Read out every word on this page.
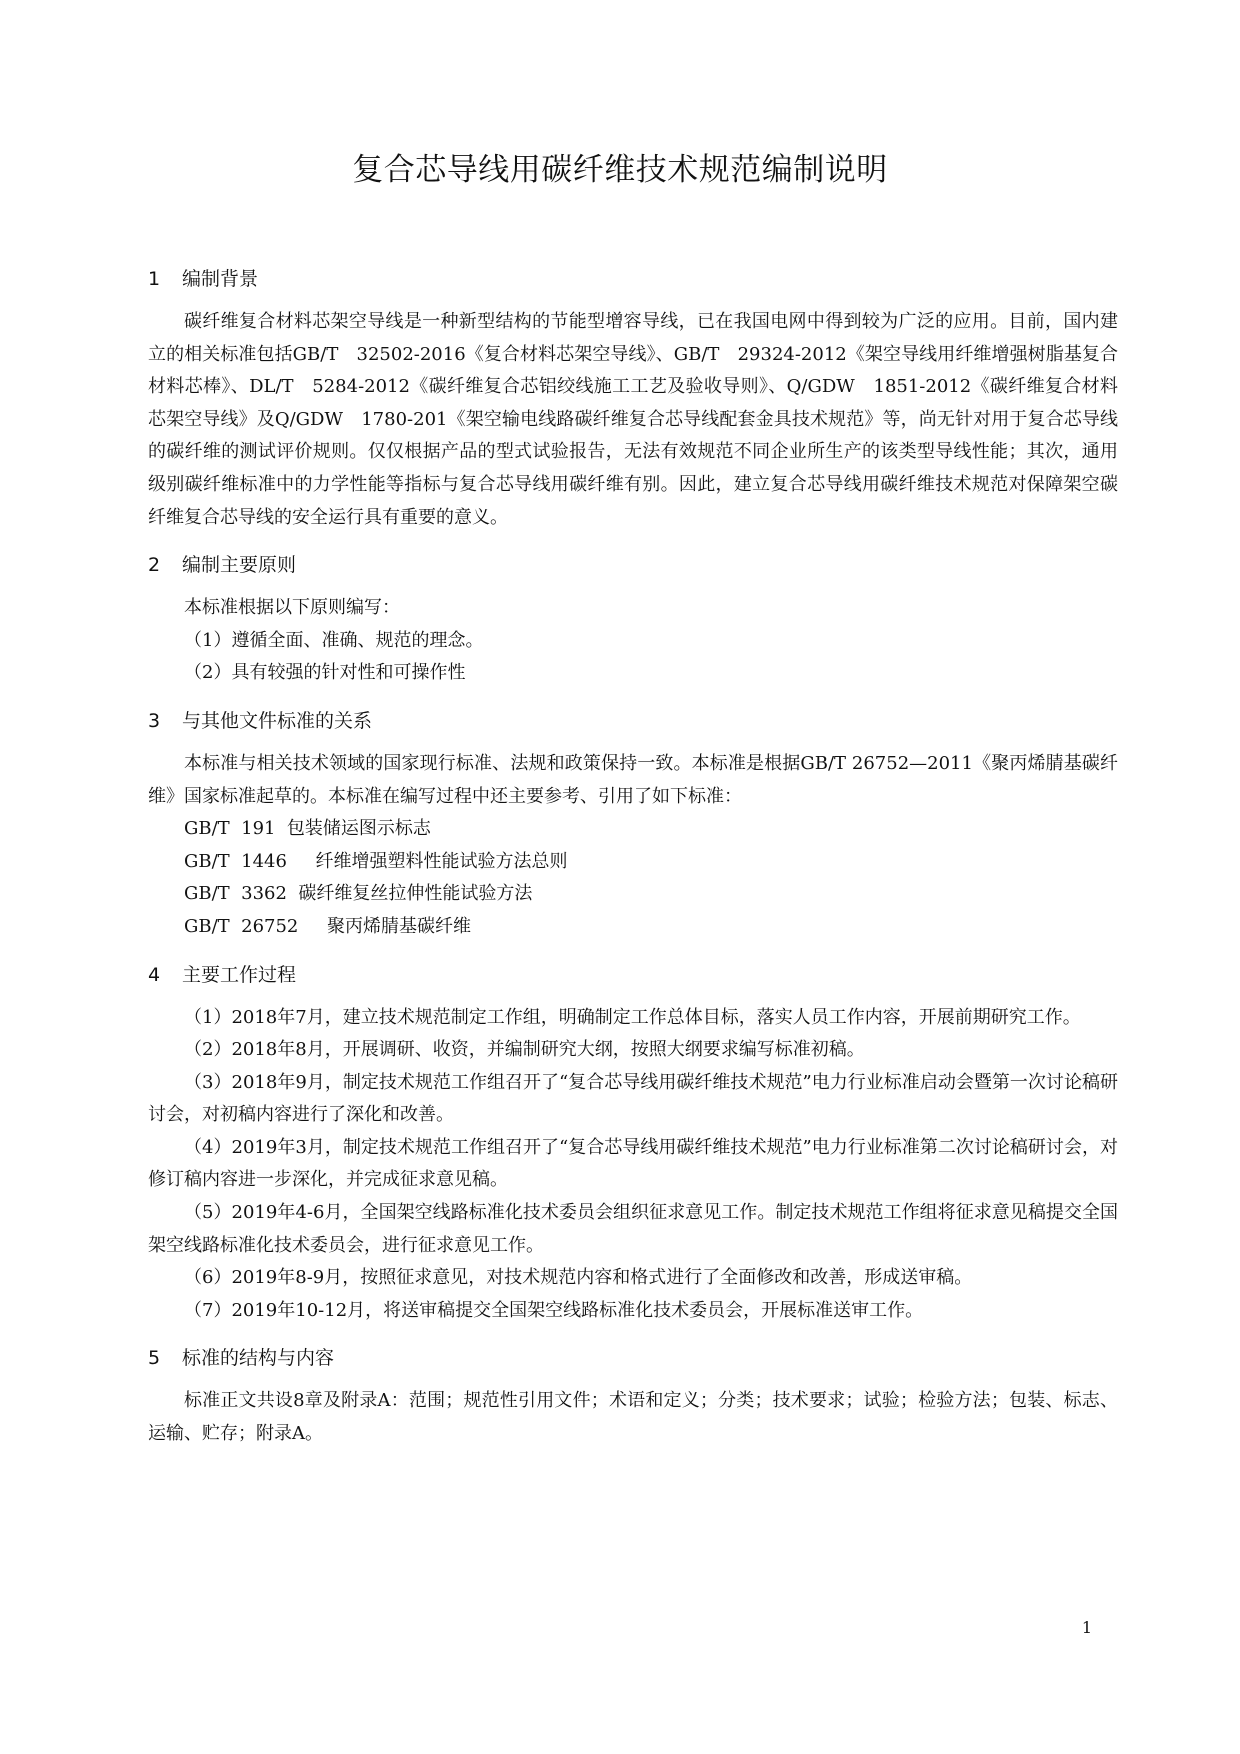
复合芯导线用碳纤维技术规范编制说明
1	编制背景

碳纤维复合材料芯架空导线是一种新型结构的节能型增容导线，已在我国电网中得到较为广泛的应用。目前，国内建立的相关标准包括GB/T　32502-2016《复合材料芯架空导线》、GB/T　29324-2012《架空导线用纤维增强树脂基复合材料芯棒》、DL/T　5284-2012《碳纤维复合芯铝绞线施工工艺及验收导则》、Q/GDW　1851-2012《碳纤维复合材料芯架空导线》及Q/GDW　1780-201《架空输电线路碳纤维复合芯导线配套金具技术规范》等，尚无针对用于复合芯导线的碳纤维的测试评价规则。仅仅根据产品的型式试验报告，无法有效规范不同企业所生产的该类型导线性能；其次，通用级别碳纤维标准中的力学性能等指标与复合芯导线用碳纤维有别。因此，建立复合芯导线用碳纤维技术规范对保障架空碳纤维复合芯导线的安全运行具有重要的意义。

2	编制主要原则

本标准根据以下原则编写：

（1）遵循全面、准确、规范的理念。

（2）具有较强的针对性和可操作性

3	与其他文件标准的关系

本标准与相关技术领域的国家现行标准、法规和政策保持一致。本标准是根据GB/T 26752—2011《聚丙烯腈基碳纤维》国家标准起草的。本标准在编写过程中还主要参考、引用了如下标准：

GB/T  191  包装储运图示标志

GB/T  1446     纤维增强塑料性能试验方法总则

GB/T  3362  碳纤维复丝拉伸性能试验方法

GB/T  26752     聚丙烯腈基碳纤维

4	主要工作过程

（1）2018年7月，建立技术规范制定工作组，明确制定工作总体目标，落实人员工作内容，开展前期研究工作。

（2）2018年8月，开展调研、收资，并编制研究大纲，按照大纲要求编写标准初稿。

（3）2018年9月，制定技术规范工作组召开了“复合芯导线用碳纤维技术规范”电力行业标准启动会暨第一次讨论稿研讨会，对初稿内容进行了深化和改善。

（4）2019年3月，制定技术规范工作组召开了“复合芯导线用碳纤维技术规范”电力行业标准第二次讨论稿研讨会，对修订稿内容进一步深化，并完成征求意见稿。

（5）2019年4-6月，全国架空线路标准化技术委员会组织征求意见工作。制定技术规范工作组将征求意见稿提交全国架空线路标准化技术委员会，进行征求意见工作。

（6）2019年8-9月，按照征求意见，对技术规范内容和格式进行了全面修改和改善，形成送审稿。

（7）2019年10-12月，将送审稿提交全国架空线路标准化技术委员会，开展标准送审工作。

5	标准的结构与内容

标准正文共设8章及附录A：范围；规范性引用文件；术语和定义；分类；技术要求；试验；检验方法；包装、标志、运输、贮存；附录A。

1
